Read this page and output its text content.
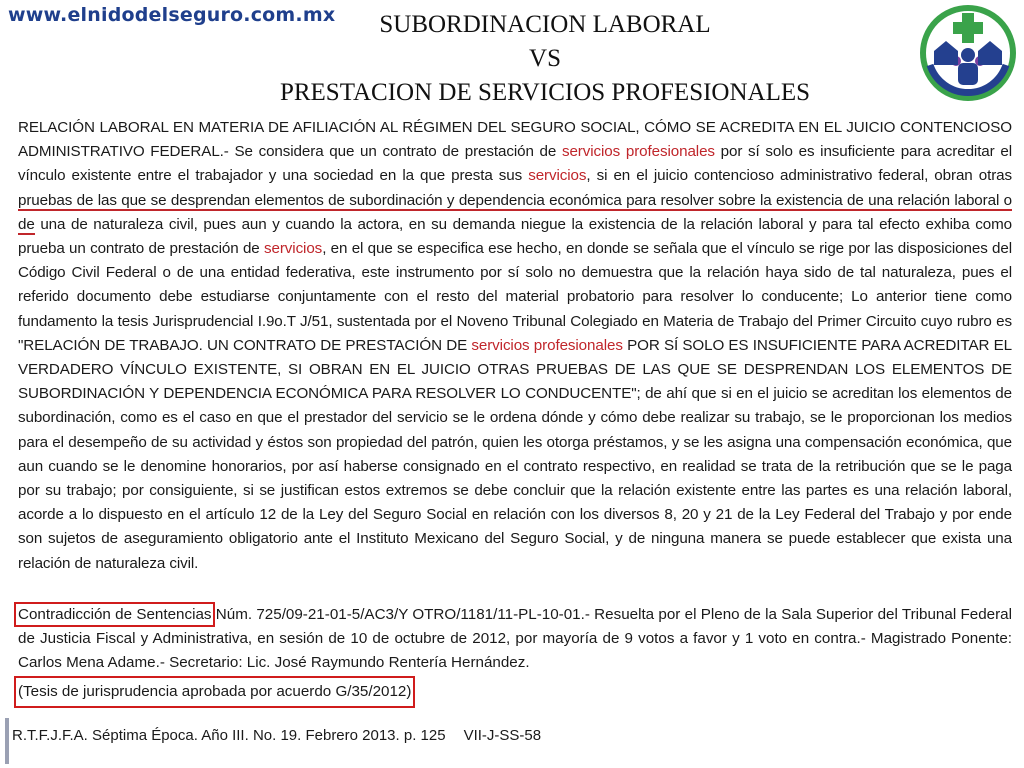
www.elnidodelseguro.com.mx	SUBORDINACION LABORAL
VS
PRESTACION DE SERVICIOS PROFESIONALES
RELACIÓN LABORAL EN MATERIA DE AFILIACIÓN AL RÉGIMEN DEL SEGURO SOCIAL, CÓMO SE ACREDITA EN EL JUICIO CONTENCIOSO ADMINISTRATIVO FEDERAL.- Se considera que un contrato de prestación de servicios profesionales por sí solo es insuficiente para acreditar el vínculo existente entre el trabajador y una sociedad en la que presta sus servicios, si en el juicio contencioso administrativo federal, obran otras pruebas de las que se desprendan elementos de subordinación y dependencia económica para resolver sobre la existencia de una relación laboral o de una de naturaleza civil, pues aun y cuando la actora, en su demanda niegue la existencia de la relación laboral y para tal efecto exhiba como prueba un contrato de prestación de servicios, en el que se especifica ese hecho, en donde se señala que el vínculo se rige por las disposiciones del Código Civil Federal o de una entidad federativa, este instrumento por sí solo no demuestra que la relación haya sido de tal naturaleza, pues el referido documento debe estudiarse conjuntamente con el resto del material probatorio para resolver lo conducente; Lo anterior tiene como fundamento la tesis Jurisprudencial I.9o.T J/51, sustentada por el Noveno Tribunal Colegiado en Materia de Trabajo del Primer Circuito cuyo rubro es "RELACIÓN DE TRABAJO. UN CONTRATO DE PRESTACIÓN DE servicios profesionales POR SÍ SOLO ES INSUFICIENTE PARA ACREDITAR EL VERDADERO VÍNCULO EXISTENTE, SI OBRAN EN EL JUICIO OTRAS PRUEBAS DE LAS QUE SE DESPRENDAN LOS ELEMENTOS DE SUBORDINACIÓN Y DEPENDENCIA ECONÓMICA PARA RESOLVER LO CONDUCENTE"; de ahí que si en el juicio se acreditan los elementos de subordinación, como es el caso en que el prestador del servicio se le ordena dónde y cómo debe realizar su trabajo, se le proporcionan los medios para el desempeño de su actividad y éstos son propiedad del patrón, quien les otorga préstamos, y se les asigna una compensación económica, que aun cuando se le denomine honorarios, por así haberse consignado en el contrato respectivo, en realidad se trata de la retribución que se le paga por su trabajo; por consiguiente, si se justifican estos extremos se debe concluir que la relación existente entre las partes es una relación laboral, acorde a lo dispuesto en el artículo 12 de la Ley del Seguro Social en relación con los diversos 8, 20 y 21 de la Ley Federal del Trabajo y por ende son sujetos de aseguramiento obligatorio ante el Instituto Mexicano del Seguro Social, y de ninguna manera se puede establecer que exista una relación de naturaleza civil.
Contradicción de Sentencias Núm. 725/09-21-01-5/AC3/Y OTRO/1181/11-PL-10-01.- Resuelta por el Pleno de la Sala Superior del Tribunal Federal de Justicia Fiscal y Administrativa, en sesión de 10 de octubre de 2012, por mayoría de 9 votos a favor y 1 voto en contra.- Magistrado Ponente: Carlos Mena Adame.- Secretario: Lic. José Raymundo Rentería Hernández.
(Tesis de jurisprudencia aprobada por acuerdo G/35/2012)
R.T.F.J.F.A. Séptima Época. Año III. No. 19. Febrero 2013. p. 125 VII-J-SS-58
